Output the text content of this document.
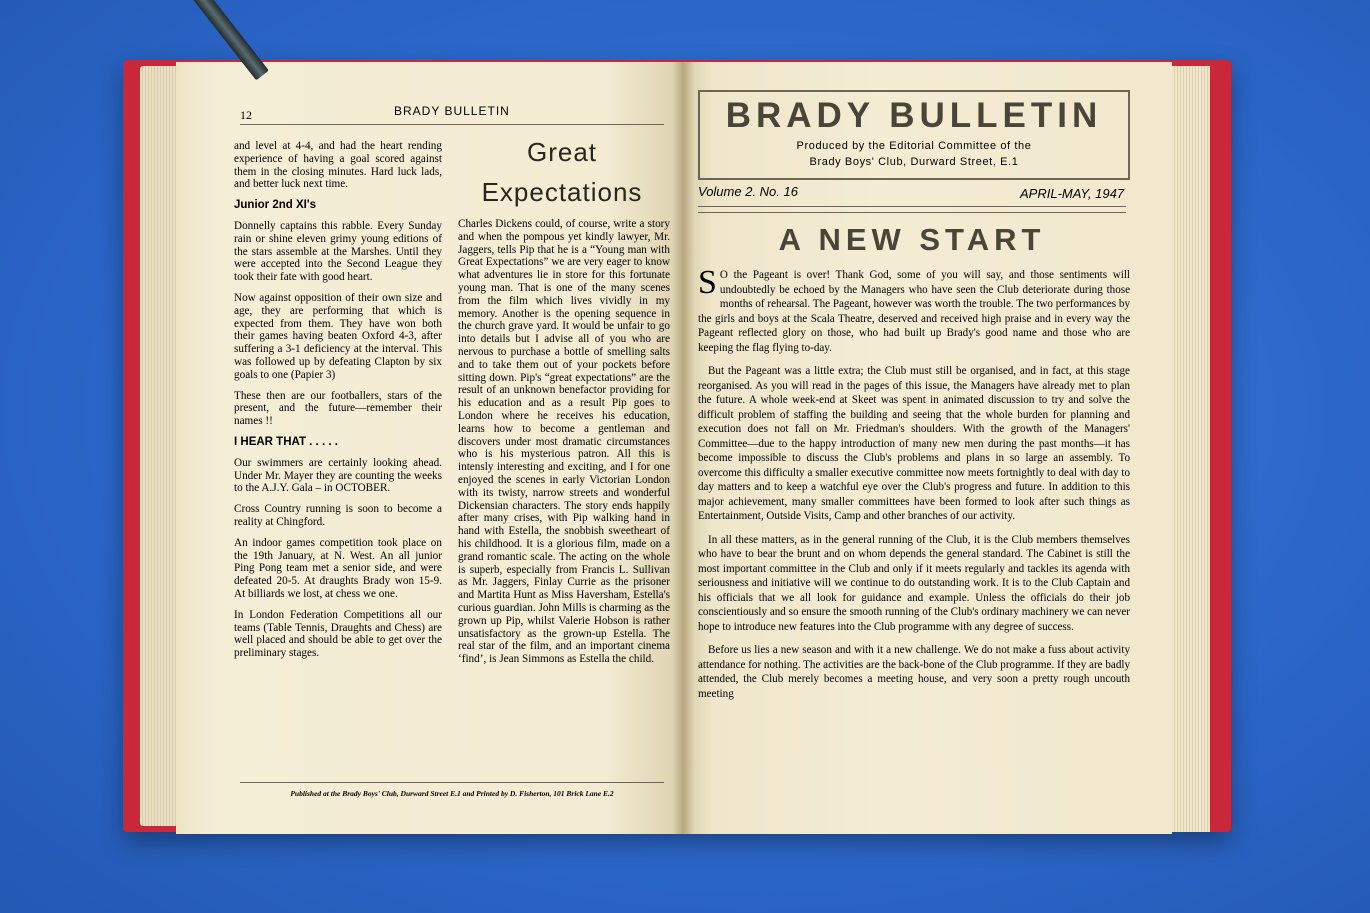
12	BRADY BULLETIN

and level at 4-4, and had the heart rending experience of having a goal scored against them in the closing minutes. Hard luck lads, and better luck next time.

Junior 2nd XI's

Donnelly captains this rabble. Every Sunday rain or shine eleven grimy young editions of the stars assemble at the Marshes. Until they were accepted into the Second League they took their fate with good heart.

Now against opposition of their own size and age, they are performing that which is expected from them. They have won both their games having beaten Oxford 4-3, after suffering a 3-1 deficiency at the interval. This was followed up by defeating Clapton by six goals to one (Papier 3)

These then are our footballers, stars of the present, and the future—remember their names !!

I HEAR THAT . . . . .

Our swimmers are certainly looking ahead. Under Mr. Mayer they are counting the weeks to the A.J.Y. Gala – in OCTOBER.

Cross Country running is soon to become a reality at Chingford.

An indoor games competition took place on the 19th January, at N. West. An all junior Ping Pong team met a senior side, and were defeated 20-5. At draughts Brady won 15-9. At billiards we lost, at chess we one.

In London Federation Competitions all our teams (Table Tennis, Draughts and Chess) are well placed and should be able to get over the preliminary stages.

Great
Expectations

Charles Dickens could, of course, write a story and when the pompous yet kindly lawyer, Mr. Jaggers, tells Pip that he is a “Young man with Great Expectations” we are very eager to know what adventures lie in store for this fortunate young man. That is one of the many scenes from the film which lives vividly in my memory. Another is the opening sequence in the church grave yard. It would be unfair to go into details but I advise all of you who are nervous to purchase a bottle of smelling salts and to take them out of your pockets before sitting down. Pip's “great expectations” are the result of an unknown benefactor providing for his education and as a result Pip goes to London where he receives his education, learns how to become a gentleman and discovers under most dramatic circumstances who is his mysterious patron. All this is intensly interesting and exciting, and I for one enjoyed the scenes in early Victorian London with its twisty, narrow streets and wonderful Dickensian characters. The story ends happily after many crises, with Pip walking hand in hand with Estella, the snobbish sweetheart of his childhood. It is a glorious film, made on a grand romantic scale. The acting on the whole is superb, especially from Francis L. Sullivan as Mr. Jaggers, Finlay Currie as the prisoner and Martita Hunt as Miss Haversham, Estella's curious guardian. John Mills is charming as the grown up Pip, whilst Valerie Hobson is rather unsatisfactory as the grown-up Estella. The real star of the film, and an important cinema ‘find’, is Jean Simmons as Estella the child.

Published at the Brady Boys' Club, Durward Street E.1 and Printed by D. Fisherton, 101 Brick Lane E.2
BRADY BULLETIN
Produced by the Editorial Committee of the
Brady Boys' Club, Durward Street, E.1
Volume 2. No. 16	APRIL-MAY, 1947
A NEW START

S O the Pageant is over! Thank God, some of you will say, and those sentiments will undoubtedly be echoed by the Managers who have seen the Club deteriorate during those months of rehearsal. The Pageant, however was worth the trouble. The two performances by the girls and boys at the Scala Theatre, deserved and received high praise and in every way the Pageant reflected glory on those, who had built up Brady's good name and those who are keeping the flag flying to-day.

But the Pageant was a little extra; the Club must still be organised, and in fact, at this stage reorganised. As you will read in the pages of this issue, the Managers have already met to plan the future. A whole week-end at Skeet was spent in animated discussion to try and solve the difficult problem of staffing the building and seeing that the whole burden for planning and execution does not fall on Mr. Friedman's shoulders. With the growth of the Managers' Committee—due to the happy introduction of many new men during the past months—it has become impossible to discuss the Club's problems and plans in so large an assembly. To overcome this difficulty a smaller executive committee now meets fortnightly to deal with day to day matters and to keep a watchful eye over the Club's progress and future. In addition to this major achievement, many smaller committees have been formed to look after such things as Entertainment, Outside Visits, Camp and other branches of our activity.

In all these matters, as in the general running of the Club, it is the Club members themselves who have to bear the brunt and on whom depends the general standard. The Cabinet is still the most important committee in the Club and only if it meets regularly and tackles its agenda with seriousness and initiative will we continue to do outstanding work. It is to the Club Captain and his officials that we all look for guidance and example. Unless the officials do their job conscientiously and so ensure the smooth running of the Club's ordinary machinery we can never hope to introduce new features into the Club programme with any degree of success.

Before us lies a new season and with it a new challenge. We do not make a fuss about activity attendance for nothing. The activities are the back-bone of the Club programme. If they are badly attended, the Club merely becomes a meeting house, and very soon a pretty rough uncouth meeting
